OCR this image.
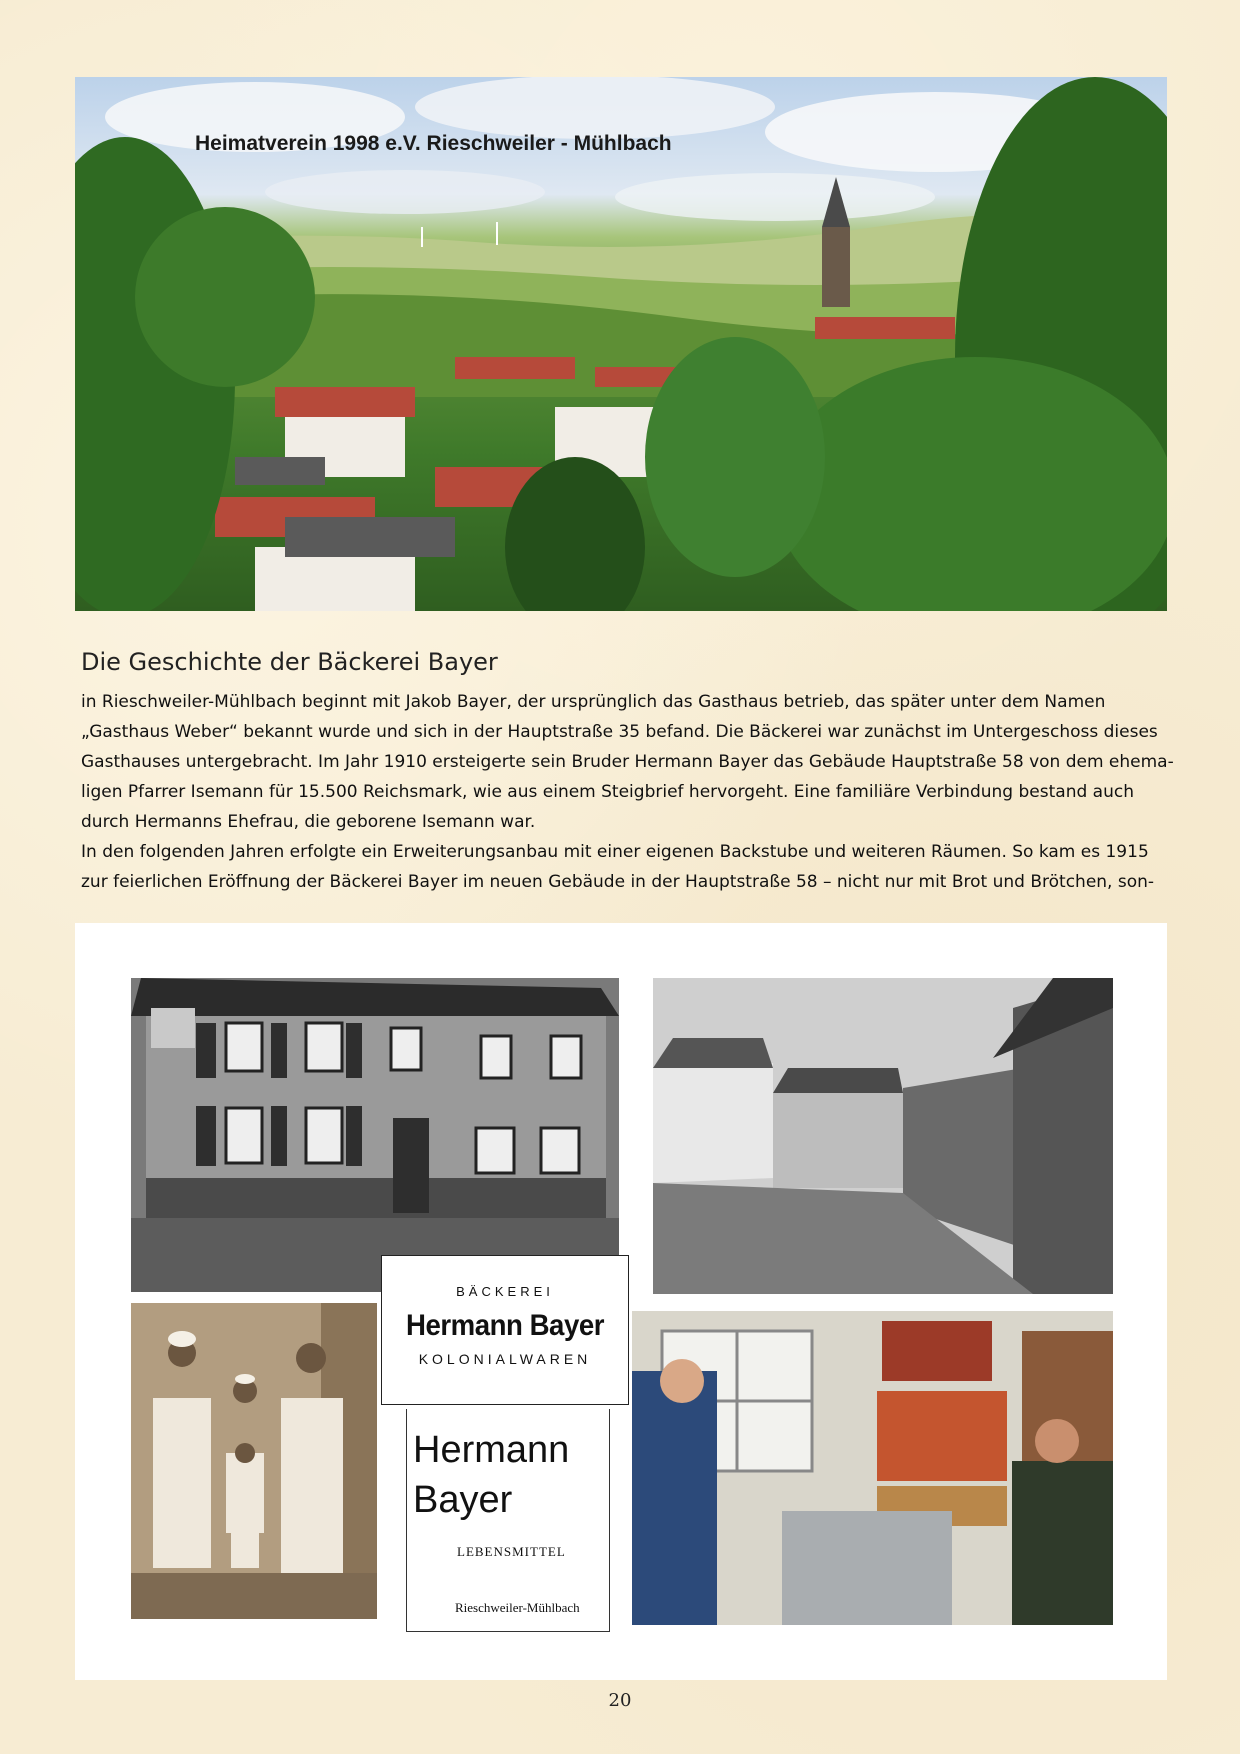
Heimatverein 1998 e.V. Rieschweiler - Mühlbach
Die Geschichte der Bäckerei Bayer

in Rieschweiler-Mühlbach beginnt mit Jakob Bayer, der ursprünglich das Gasthaus betrieb, das später unter dem Namen

„Gasthaus Weber“ bekannt wurde und sich in der Hauptstraße 35 befand. Die Bäckerei war zunächst im Untergeschoss dieses

Gasthauses untergebracht. Im Jahr 1910 ersteigerte sein Bruder Hermann Bayer das Gebäude Hauptstraße 58 von dem ehema-

ligen Pfarrer Isemann für 15.500 Reichsmark, wie aus einem Steigbrief hervorgeht. Eine familiäre Verbindung bestand auch

durch Hermanns Ehefrau, die geborene Isemann war.

In den folgenden Jahren erfolgte ein Erweiterungsanbau mit einer eigenen Backstube und weiteren Räumen. So kam es 1915

zur feierlichen Eröffnung der Bäckerei Bayer im neuen Gebäude in der Hauptstraße 58 – nicht nur mit Brot und Brötchen, son-

BÄCKEREI
Hermann Bayer
KOLONIALWAREN
Hermann
Bayer
LEBENSMITTEL
Rieschweiler-Mühlbach
20
